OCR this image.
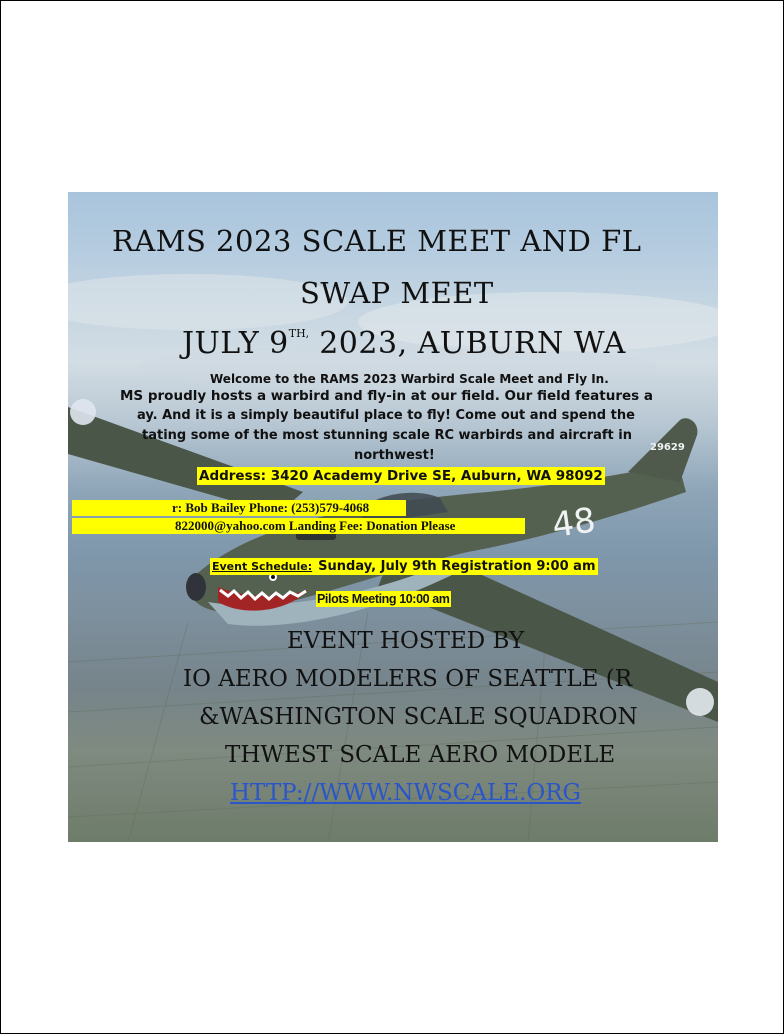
RAMS 2023 SCALE MEET AND FL
SWAP MEET
JULY $9^{TH,}$ 2023, AUBURN WA
Welcome to the RAMS 2023 Warbird Scale Meet and Fly In.
MS proudly hosts a warbird and fly-in at our field. Our field features a
ay. And it is a simply beautiful place to fly! Come out and spend the
tating some of the most stunning scale RC warbirds and aircraft in
northwest!
Address: 3420 Academy Drive SE, Auburn, WA 98092
r: Bob Bailey Phone: (253)579-4068
822000@yahoo.com Landing Fee: Donation Please
Event Schedule: Sunday, July 9th Registration 9:00 am
Pilots Meeting 10:00 am
EVENT HOSTED BY
IO AERO MODELERS OF SEATTLE (R
&WASHINGTON SCALE SQUADRON
THWEST SCALE AERO MODELE
HTTP://WWW.NWSCALE.ORG
48
29629
